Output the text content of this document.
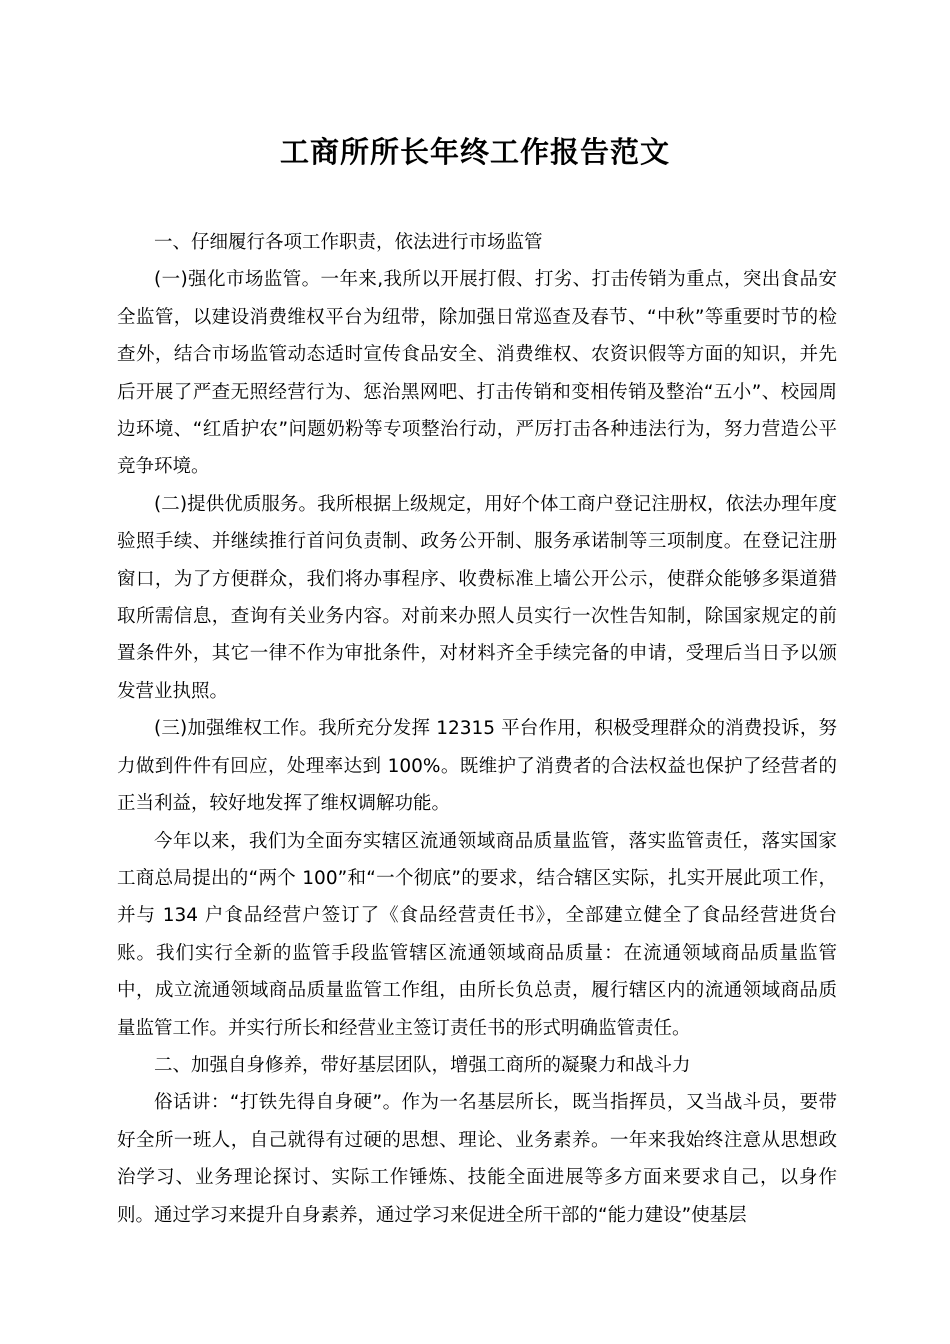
工商所所长年终工作报告范文

一、仔细履行各项工作职责，依法进行市场监管

(一)强化市场监管。一年来,我所以开展打假、打劣、打击传销为重点，突出食品安全监管，以建设消费维权平台为纽带，除加强日常巡查及春节、“中秋”等重要时节的检查外，结合市场监管动态适时宣传食品安全、消费维权、农资识假等方面的知识，并先后开展了严查无照经营行为、惩治黑网吧、打击传销和变相传销及整治“五小”、校园周边环境、“红盾护农”问题奶粉等专项整治行动，严厉打击各种违法行为，努力营造公平竞争环境。

(二)提供优质服务。我所根据上级规定，用好个体工商户登记注册权，依法办理年度验照手续、并继续推行首问负责制、政务公开制、服务承诺制等三项制度。在登记注册窗口，为了方便群众，我们将办事程序、收费标准上墙公开公示，使群众能够多渠道猎取所需信息，查询有关业务内容。对前来办照人员实行一次性告知制，除国家规定的前置条件外，其它一律不作为审批条件，对材料齐全手续完备的申请，受理后当日予以颁发营业执照。

(三)加强维权工作。我所充分发挥 12315 平台作用，积极受理群众的消费投诉，努力做到件件有回应，处理率达到 100%。既维护了消费者的合法权益也保护了经营者的正当利益，较好地发挥了维权调解功能。

今年以来，我们为全面夯实辖区流通领域商品质量监管，落实监管责任，落实国家工商总局提出的“两个 100”和“一个彻底”的要求，结合辖区实际，扎实开展此项工作，并与 134 户食品经营户签订了《食品经营责任书》，全部建立健全了食品经营进货台账。我们实行全新的监管手段监管辖区流通领域商品质量：在流通领域商品质量监管中，成立流通领域商品质量监管工作组，由所长负总责，履行辖区内的流通领域商品质量监管工作。并实行所长和经营业主签订责任书的形式明确监管责任。

二、加强自身修养，带好基层团队，增强工商所的凝聚力和战斗力

俗话讲：“打铁先得自身硬”。作为一名基层所长，既当指挥员，又当战斗员，要带好全所一班人，自己就得有过硬的思想、理论、业务素养。一年来我始终注意从思想政治学习、业务理论探讨、实际工作锤炼、技能全面进展等多方面来要求自己，以身作则。通过学习来提升自身素养，通过学习来促进全所干部的“能力建设”使基层
